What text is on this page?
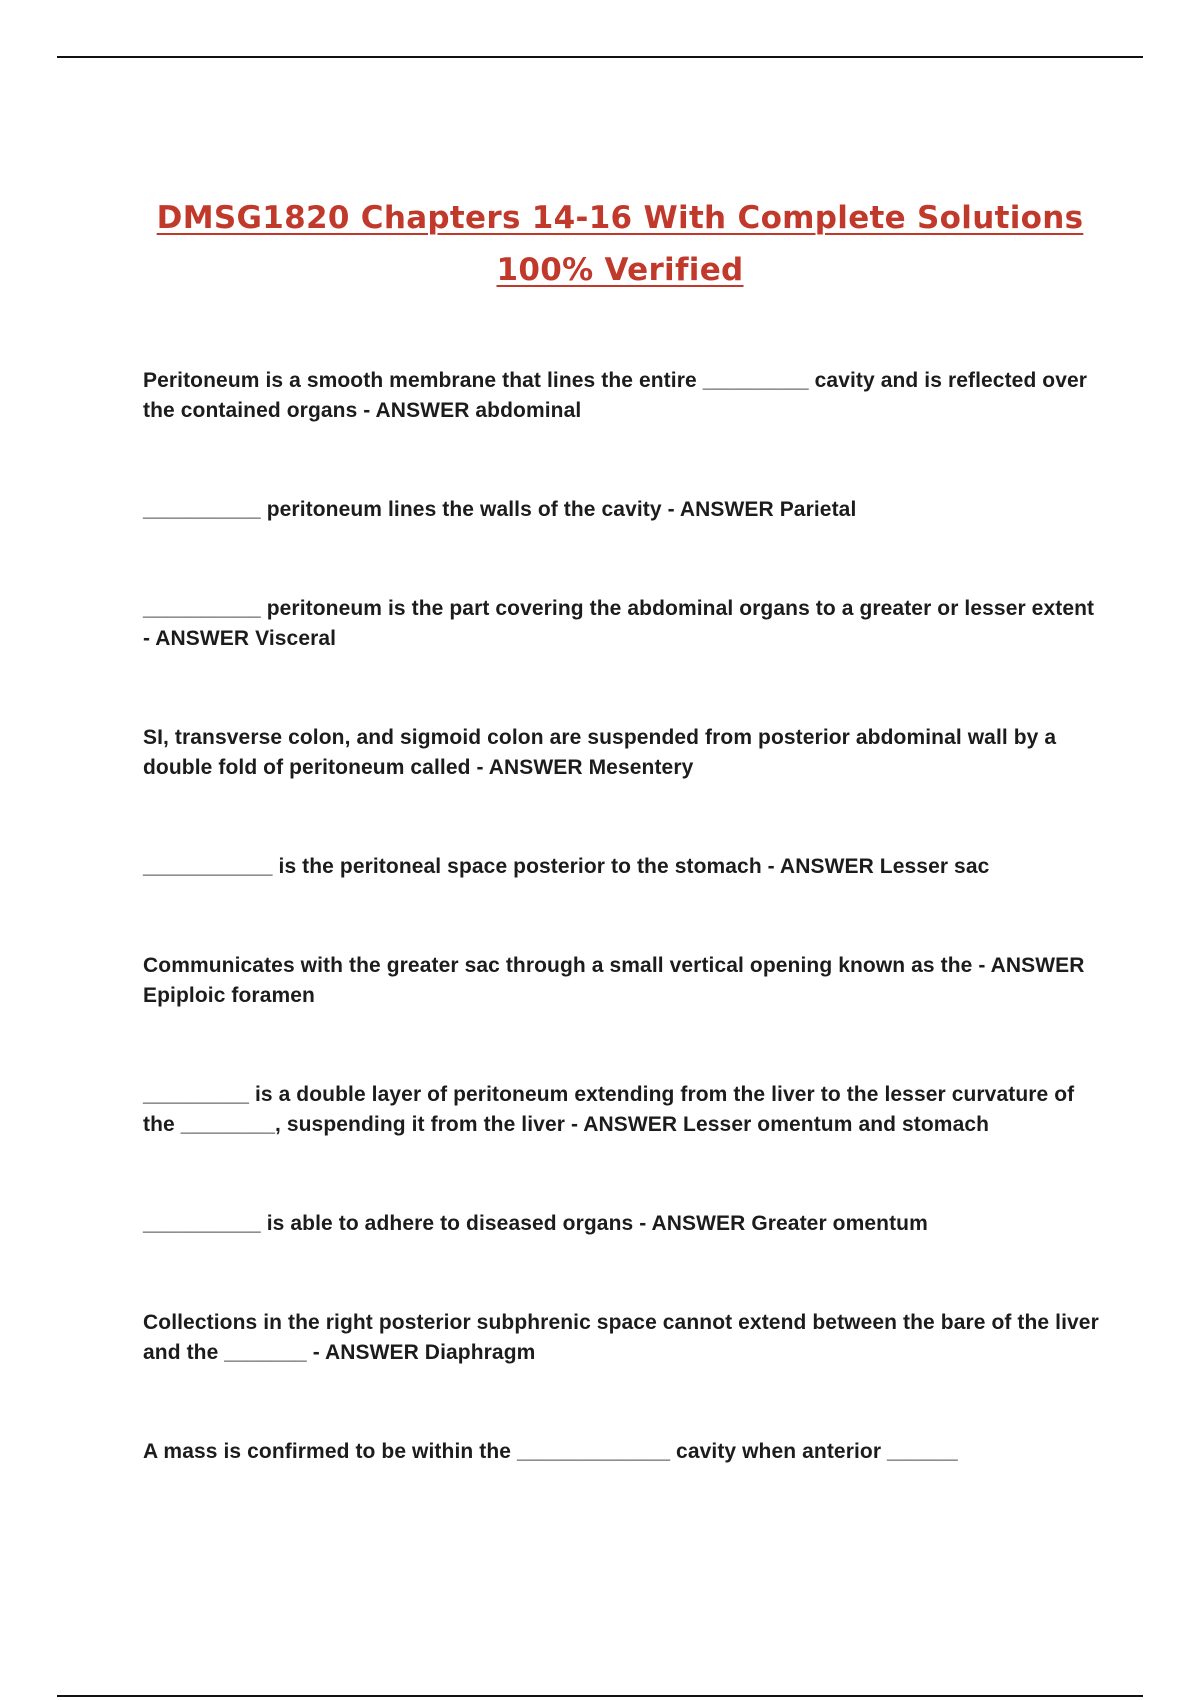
DMSG1820 Chapters 14-16 With Complete Solutions
100% Verified

Peritoneum is a smooth membrane that lines the entire _________ cavity and is reflected over the contained organs - ANSWER abdominal

__________ peritoneum lines the walls of the cavity - ANSWER Parietal

__________ peritoneum is the part covering the abdominal organs to a greater or lesser extent - ANSWER Visceral

SI, transverse colon, and sigmoid colon are suspended from posterior abdominal wall by a double fold of peritoneum called - ANSWER Mesentery

___________ is the peritoneal space posterior to the stomach - ANSWER Lesser sac

Communicates with the greater sac through a small vertical opening known as the - ANSWER Epiploic foramen

_________ is a double layer of peritoneum extending from the liver to the lesser curvature of the ________, suspending it from the liver - ANSWER Lesser omentum and stomach

__________ is able to adhere to diseased organs - ANSWER Greater omentum

Collections in the right posterior subphrenic space cannot extend between the bare of the liver and the _______ - ANSWER Diaphragm

A mass is confirmed to be within the _____________ cavity when anterior ______
